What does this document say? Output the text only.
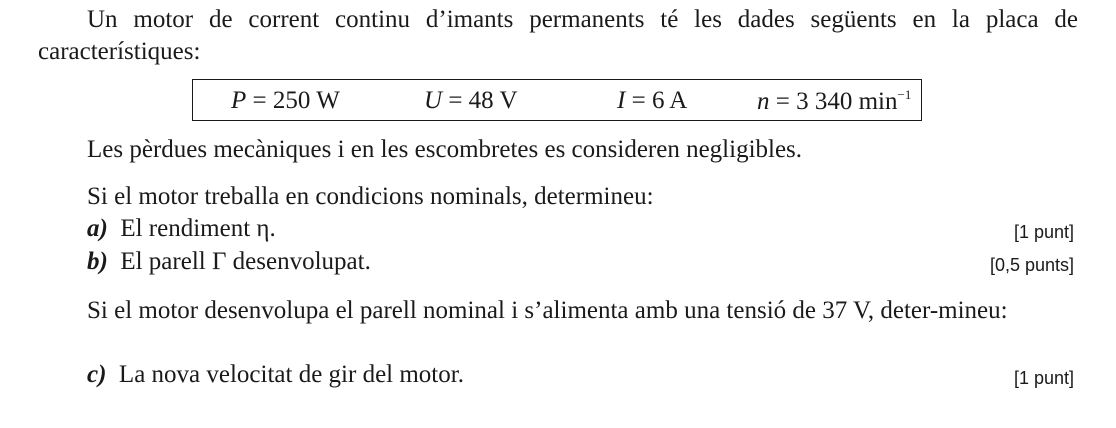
Un motor de corrent continu d’imants permanents té les dades següents en la placa de característiques:

P = 250 W	U = 48 V	I = 6 A	n = 3 340 $\min^{-1}$
Les pèrdues mecàniques i en les escombretes es consideren negligibles.
Si el motor treballa en condicions nominals, determineu:
a) El rendiment η.	[1 punt]
b) El parell Γ desenvolupat.	[0,5 punts]

Si el motor desenvolupa el parell nominal i s’alimenta amb una tensió de 37 V, deter-mineu:

c) La nova velocitat de gir del motor.	[1 punt]
